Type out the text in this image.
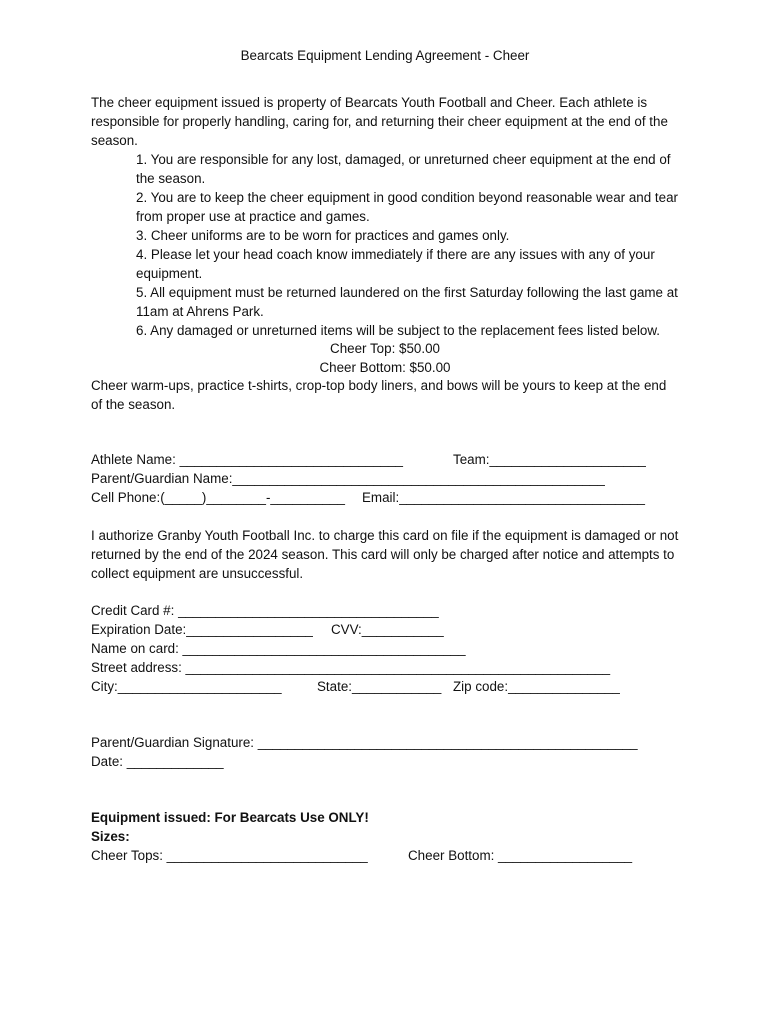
Bearcats Equipment Lending Agreement - Cheer

The cheer equipment issued is property of Bearcats Youth Football and Cheer. Each athlete is responsible for properly handling, caring for, and returning their cheer equipment at the end of the season.

1. You are responsible for any lost, damaged, or unreturned cheer equipment at the end of the season.

2. You are to keep the cheer equipment in good condition beyond reasonable wear and tear from proper use at practice and games.

3. Cheer uniforms are to be worn for practices and games only.

4. Please let your head coach know immediately if there are any issues with any of your equipment.

5. All equipment must be returned laundered on the first Saturday following the last game at 11am at Ahrens Park.

6. Any damaged or unreturned items will be subject to the replacement fees listed below.

Cheer Top: $50.00

Cheer Bottom: $50.00

Cheer warm-ups, practice t-shirts, crop-top body liners, and bows will be yours to keep at the end of the season.

Athlete Name: ______________________________	Team:_____________________
Parent/Guardian Name:__________________________________________________
Cell Phone:(_____)________-__________ Email:_________________________________

I authorize Granby Youth Football Inc. to charge this card on file if the equipment is damaged or not returned by the end of the 2024 season. This card will only be charged after notice and attempts to collect equipment are unsuccessful.

Credit Card #: ___________________________________
Expiration Date:_________________ CVV:___________
Name on card: ______________________________________
Street address: _________________________________________________________
City:______________________	State:____________ Zip code:_______________
Parent/Guardian Signature: ___________________________________________________
Date: _____________
Equipment issued: For Bearcats Use ONLY!
Sizes:
Cheer Tops: ___________________________	Cheer Bottom: __________________
